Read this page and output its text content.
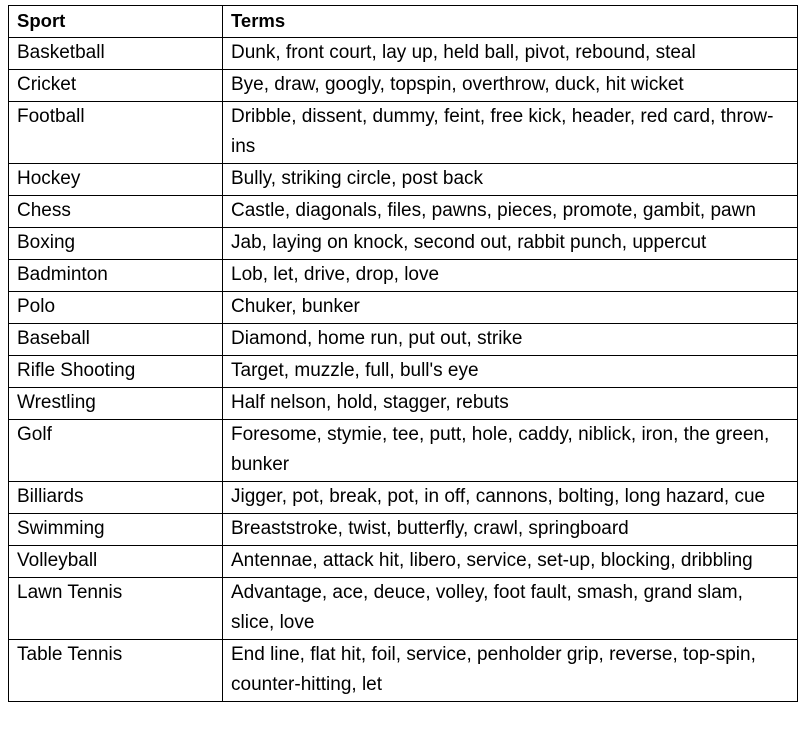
Sport	Terms
Basketball	Dunk, front court, lay up, held ball, pivot, rebound, steal
Cricket	Bye, draw, googly, topspin, overthrow, duck, hit wicket
Football	Dribble, dissent, dummy, feint, free kick, header, red card, throw-ins
Hockey	Bully, striking circle, post back
Chess	Castle, diagonals, files, pawns, pieces, promote, gambit, pawn
Boxing	Jab, laying on knock, second out, rabbit punch, uppercut
Badminton	Lob, let, drive, drop, love
Polo	Chuker, bunker
Baseball	Diamond, home run, put out, strike
Rifle Shooting	Target, muzzle, full, bull's eye
Wrestling	Half nelson, hold, stagger, rebuts
Golf	Foresome, stymie, tee, putt, hole, caddy, niblick, iron, the green, bunker
Billiards	Jigger, pot, break, pot, in off, cannons, bolting, long hazard, cue
Swimming	Breaststroke, twist, butterfly, crawl, springboard
Volleyball	Antennae, attack hit, libero, service, set-up, blocking, dribbling
Lawn Tennis	Advantage, ace, deuce, volley, foot fault, smash, grand slam, slice, love
Table Tennis	End line, flat hit, foil, service, penholder grip, reverse, top-spin, counter-hitting, let
